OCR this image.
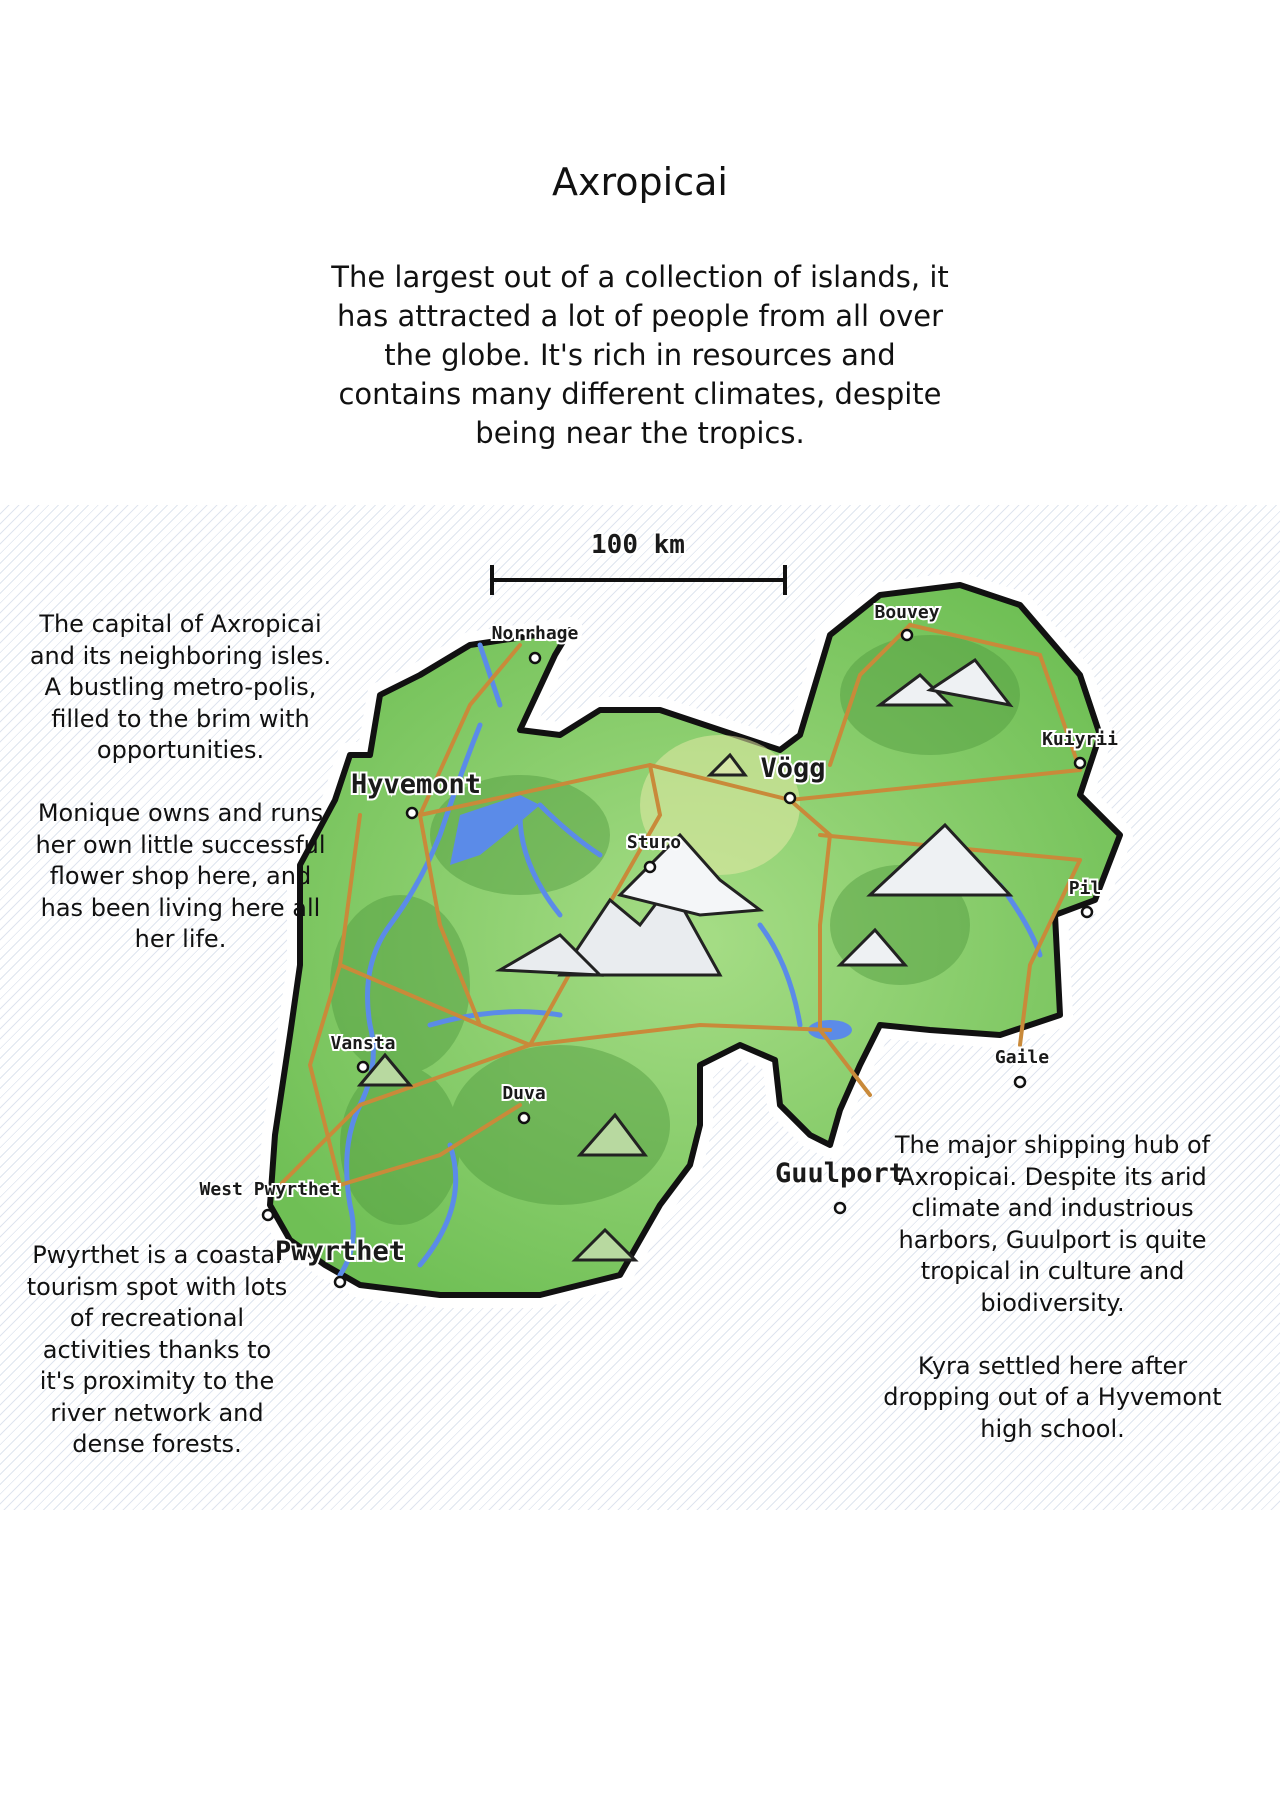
Axropicai
The largest out of a collection of islands, it has attracted a lot of people from all over the globe. It's rich in resources and contains many different climates, despite being near the tropics.
100 km
Norrhage
Bouvey
Kuiyrii
Vögg
Hyvemont
Sturo
Pil
Vansta
Gaile
Duva
Guulport
West Pwyrthet
Pwyrthet
The capital of Axropicai and its neighboring isles. A bustling metro-polis, filled to the brim with opportunities.

Monique owns and runs her own little successful flower shop here, and has been living here all her life.
Pwyrthet is a coastal tourism spot with lots of recreational activities thanks to it's proximity to the river network and dense forests.
The major shipping hub of Axropicai. Despite its arid climate and industrious harbors, Guulport is quite tropical in culture and biodiversity.

Kyra settled here after dropping out of a Hyvemont high school.
